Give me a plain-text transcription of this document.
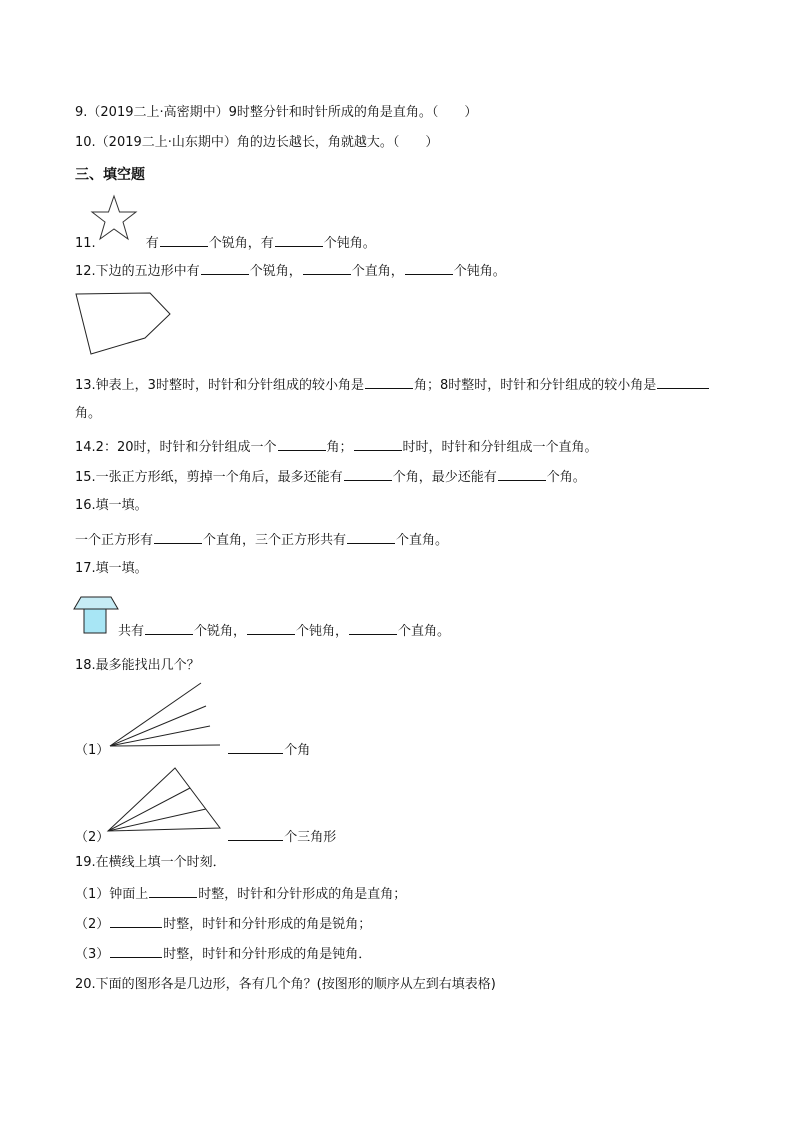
9.（2019二上·高密期中）9时整分针和时针所成的角是直角。（　　）
10.（2019二上·山东期中）角的边长越长，角就越大。（　　）
三、填空题
11.	有	个锐角，有	个钝角。
12.下边的五边形中有	个锐角，	个直角，	个钝角。
13.钟表上，3时整时，时针和分针组成的较小角是	角；8时整时，时针和分针组成的较小角是
角。
14.2：20时，时针和分针组成一个	角；	时时，时针和分针组成一个直角。
15.一张正方形纸，剪掉一个角后，最多还能有	个角，最少还能有	个角。
16.填一填。
一个正方形有	个直角，三个正方形共有	个直角。
17.填一填。
共有	个锐角，	个钝角，	个直角。
18.最多能找出几个？
（1）	个角
（2）	个三角形
19.在横线上填一个时刻．
（1）钟面上	时整，时针和分针形成的角是直角；
（2）	时整，时针和分针形成的角是锐角；
（3）	时整，时针和分针形成的角是钝角．
20.下面的图形各是几边形，各有几个角？(按图形的顺序从左到右填表格)
